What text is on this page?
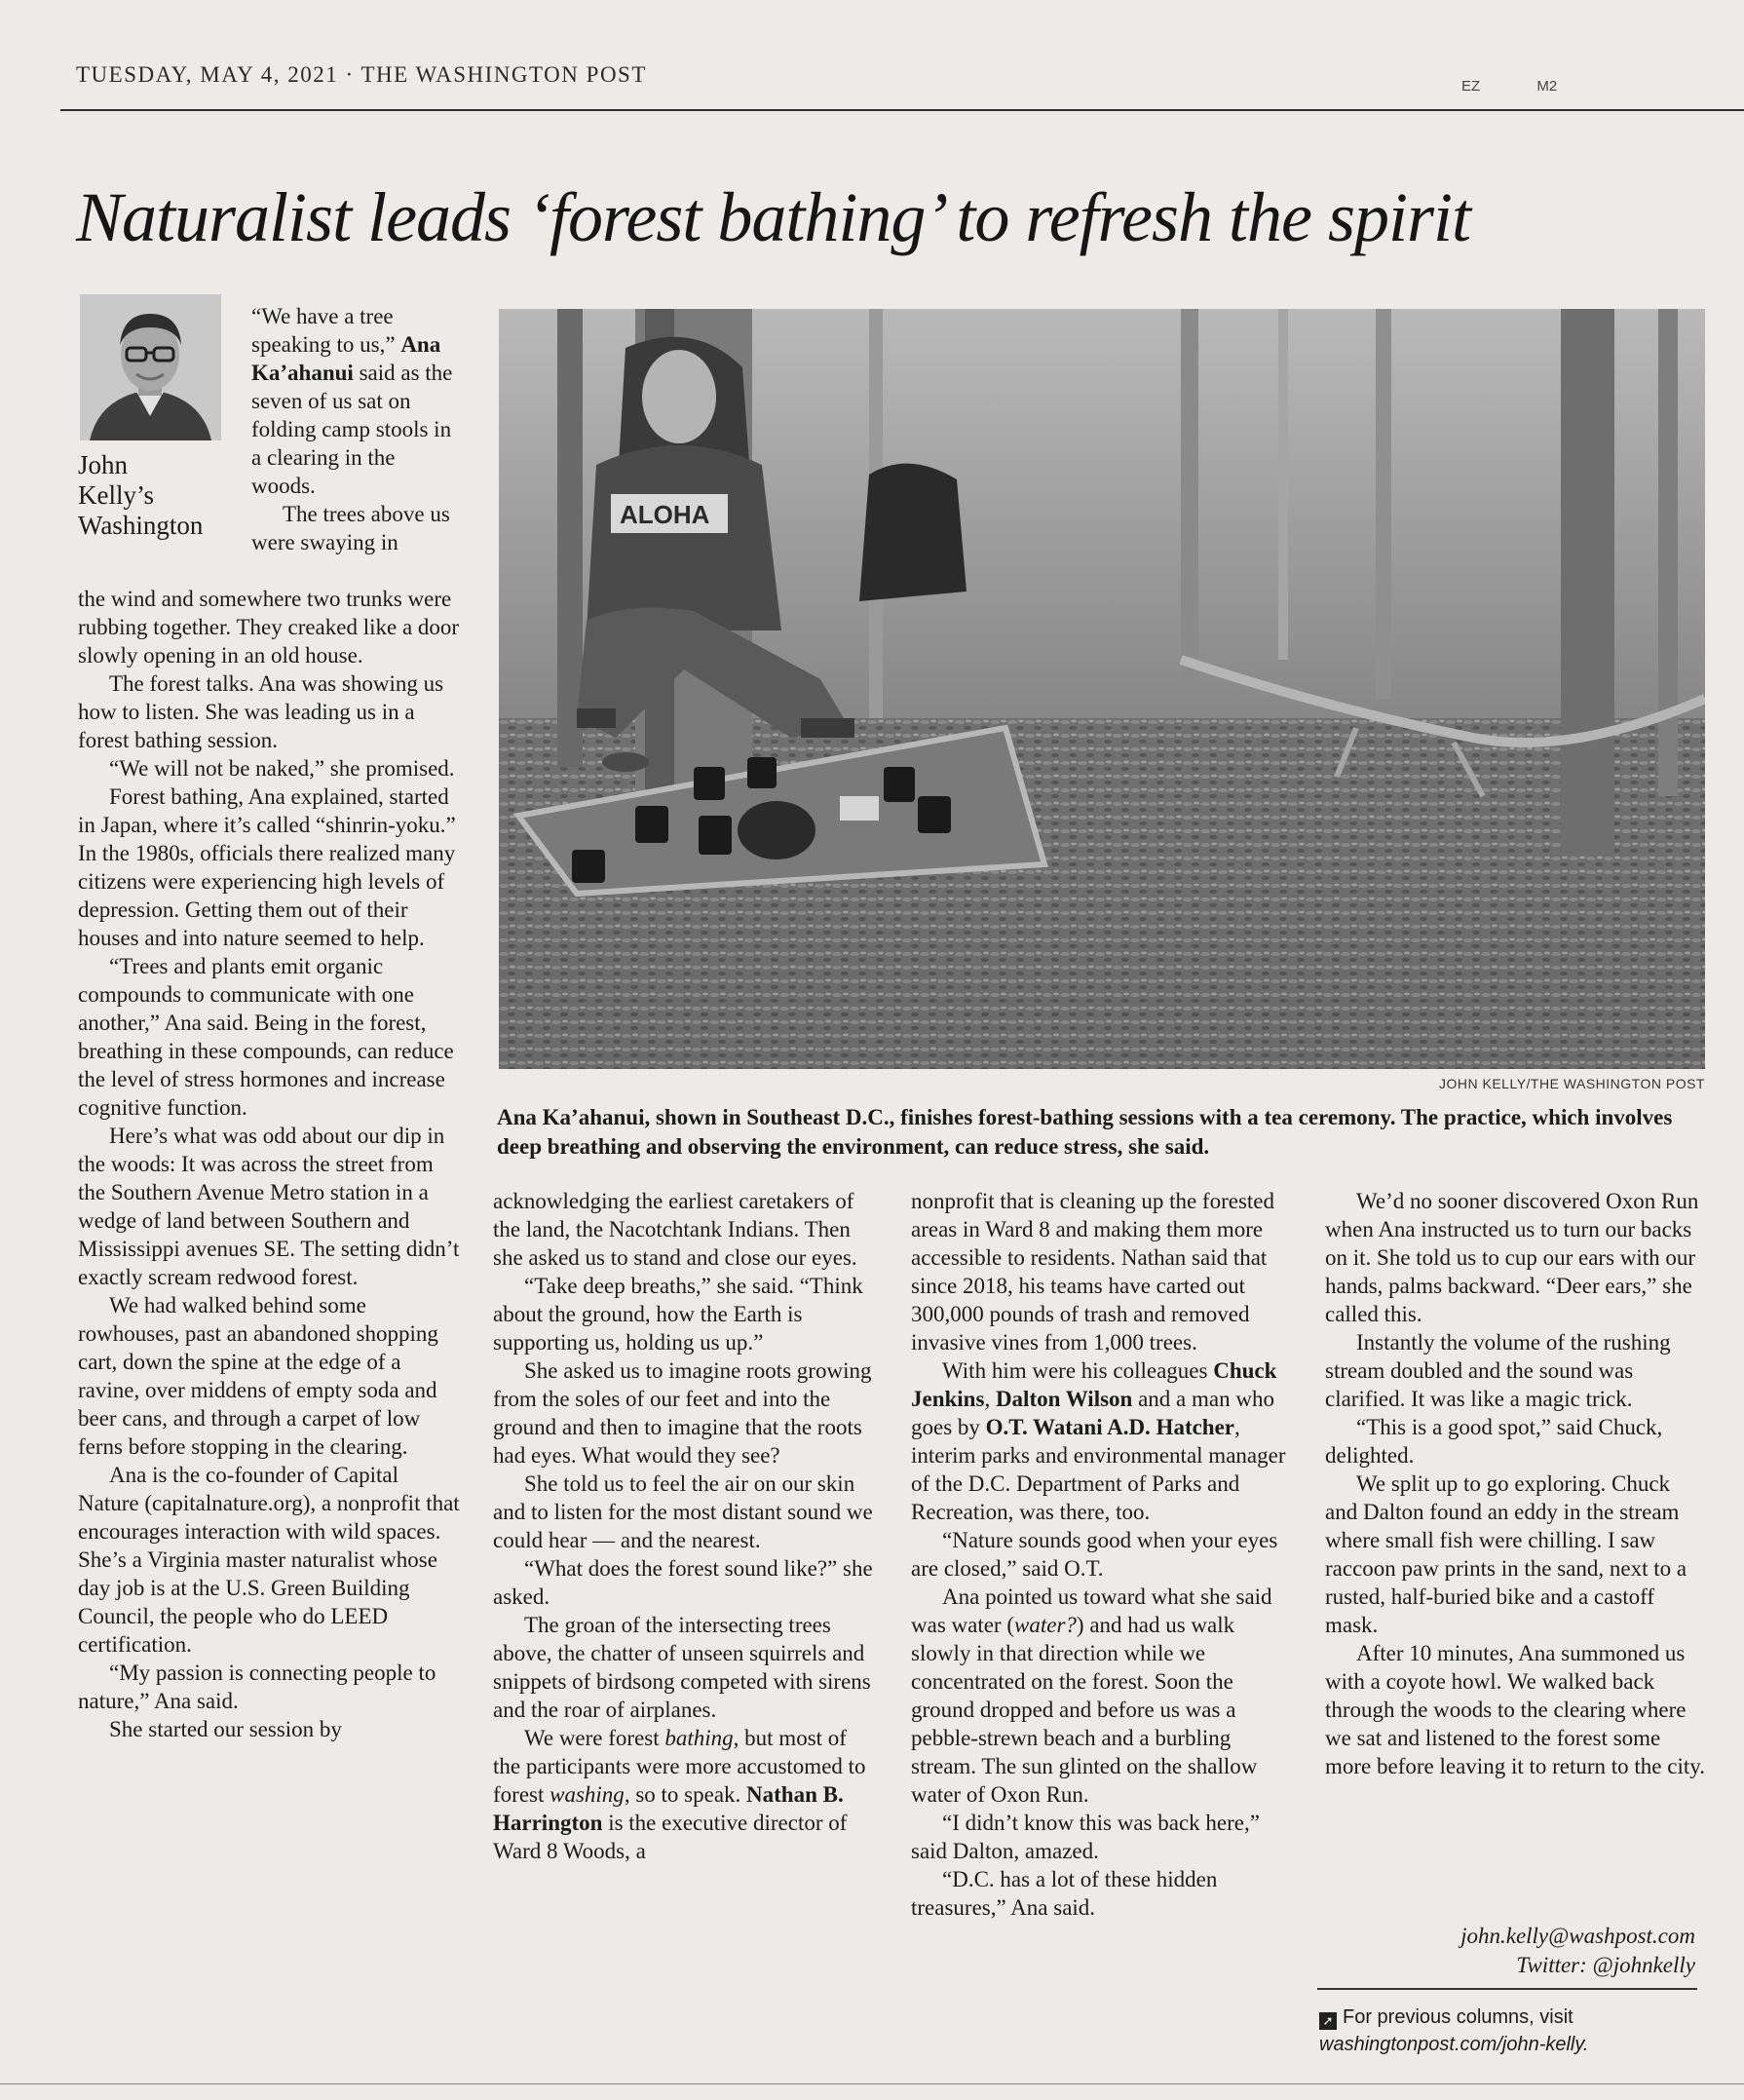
TUESDAY, MAY 4, 2021 · THE WASHINGTON POST	EZ	M2
Naturalist leads ‘forest bathing’ to refresh the spirit
John
Kelly’s
Washington

“We have a tree speaking to us,” Ana Ka’ahanui said as the seven of us sat on folding camp stools in a clearing in the woods.

The trees above us were swaying in

ALOHA
JOHN KELLY/THE WASHINGTON POST
Ana Ka’ahanui, shown in Southeast D.C., finishes forest-bathing sessions with a tea ceremony. The practice, which involves deep breathing and observing the environment, can reduce stress, she said.

the wind and somewhere two trunks were rubbing together. They creaked like a door slowly opening in an old house.

The forest talks. Ana was showing us how to listen. She was leading us in a forest bathing session.

“We will not be naked,” she promised.

Forest bathing, Ana explained, started in Japan, where it’s called “shinrin-yoku.” In the 1980s, officials there realized many citizens were experiencing high levels of depression. Getting them out of their houses and into nature seemed to help.

“Trees and plants emit organic compounds to communicate with one another,” Ana said. Being in the forest, breathing in these compounds, can reduce the level of stress hormones and increase cognitive function.

Here’s what was odd about our dip in the woods: It was across the street from the Southern Avenue Metro station in a wedge of land between Southern and Mississippi avenues SE. The setting didn’t exactly scream redwood forest.

We had walked behind some rowhouses, past an abandoned shopping cart, down the spine at the edge of a ravine, over middens of empty soda and beer cans, and through a carpet of low ferns before stopping in the clearing.

Ana is the co-founder of Capital Nature (capitalnature.org), a nonprofit that encourages interaction with wild spaces. She’s a Virginia master naturalist whose day job is at the U.S. Green Building Council, the people who do LEED certification.

“My passion is connecting people to nature,” Ana said.

She started our session by

acknowledging the earliest caretakers of the land, the Nacotchtank Indians. Then she asked us to stand and close our eyes.

“Take deep breaths,” she said. “Think about the ground, how the Earth is supporting us, holding us up.”

She asked us to imagine roots growing from the soles of our feet and into the ground and then to imagine that the roots had eyes. What would they see?

She told us to feel the air on our skin and to listen for the most distant sound we could hear — and the nearest.

“What does the forest sound like?” she asked.

The groan of the intersecting trees above, the chatter of unseen squirrels and snippets of birdsong competed with sirens and the roar of airplanes.

We were forest bathing, but most of the participants were more accustomed to forest washing, so to speak. Nathan B. Harrington is the executive director of Ward 8 Woods, a

nonprofit that is cleaning up the forested areas in Ward 8 and making them more accessible to residents. Nathan said that since 2018, his teams have carted out 300,000 pounds of trash and removed invasive vines from 1,000 trees.

With him were his colleagues Chuck Jenkins, Dalton Wilson and a man who goes by O.T. Watani A.D. Hatcher, interim parks and environmental manager of the D.C. Department of Parks and Recreation, was there, too.

“Nature sounds good when your eyes are closed,” said O.T.

Ana pointed us toward what she said was water (water?) and had us walk slowly in that direction while we concentrated on the forest. Soon the ground dropped and before us was a pebble-strewn beach and a burbling stream. The sun glinted on the shallow water of Oxon Run.

“I didn’t know this was back here,” said Dalton, amazed.

“D.C. has a lot of these hidden treasures,” Ana said.

We’d no sooner discovered Oxon Run when Ana instructed us to turn our backs on it. She told us to cup our ears with our hands, palms backward. “Deer ears,” she called this.

Instantly the volume of the rushing stream doubled and the sound was clarified. It was like a magic trick.

“This is a good spot,” said Chuck, delighted.

We split up to go exploring. Chuck and Dalton found an eddy in the stream where small fish were chilling. I saw raccoon paw prints in the sand, next to a rusted, half-buried bike and a castoff mask.

After 10 minutes, Ana summoned us with a coyote howl. We walked back through the woods to the clearing where we sat and listened to the forest some more before leaving it to return to the city.

john.kelly@washpost.com
Twitter: @johnkelly
➚ For previous columns, visit
washingtonpost.com/john-kelly.
